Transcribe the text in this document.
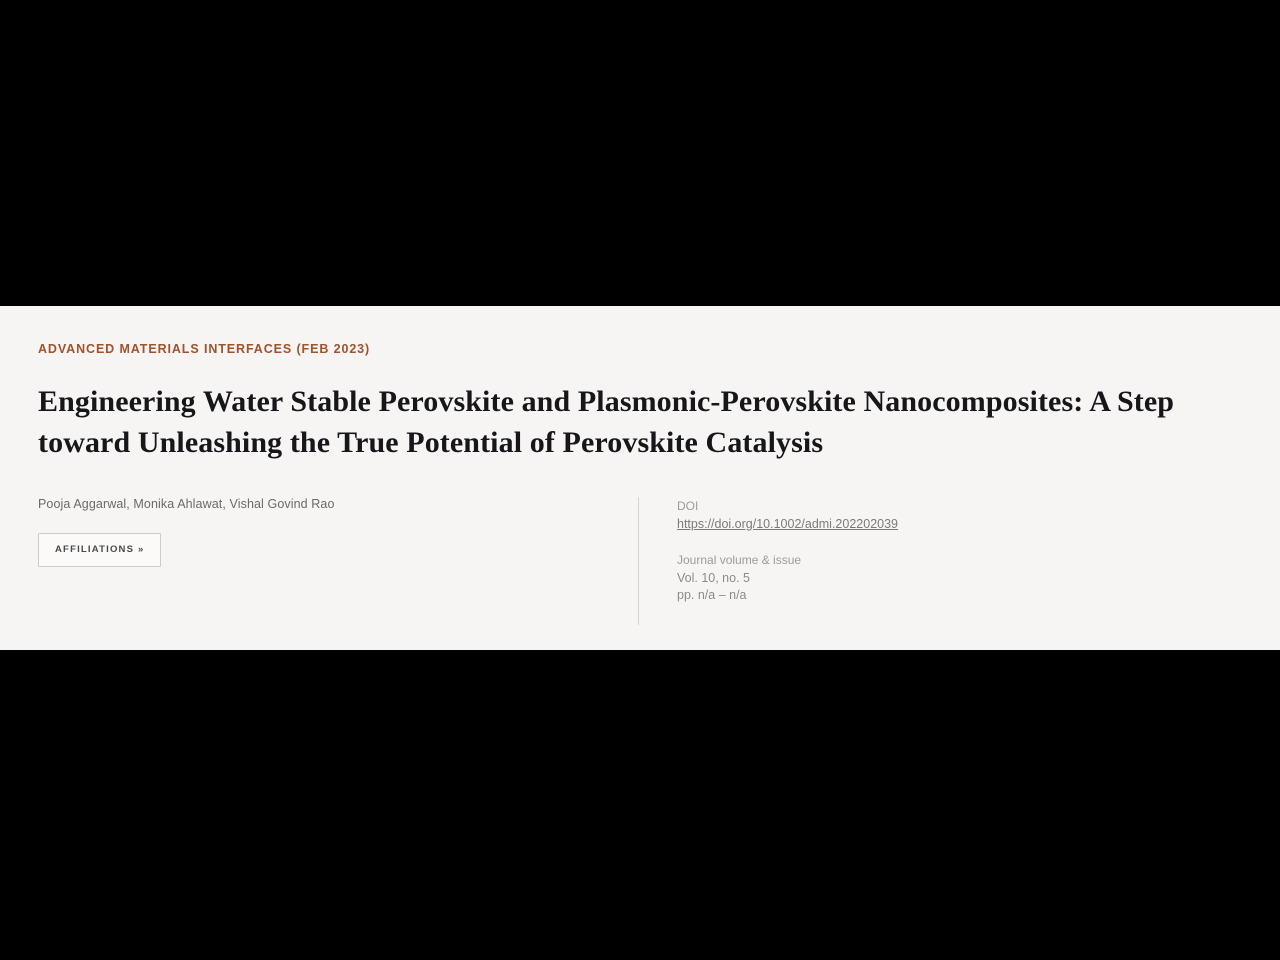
ADVANCED MATERIALS INTERFACES (FEB 2023)
Engineering Water Stable Perovskite and Plasmonic-Perovskite Nanocomposites: A Step toward Unleashing the True Potential of Perovskite Catalysis
Pooja Aggarwal, Monika Ahlawat, Vishal Govind Rao
AFFILIATIONS »
DOI
https://doi.org/10.1002/admi.202202039
Journal volume & issue
Vol. 10, no. 5
pp. n/a – n/a
